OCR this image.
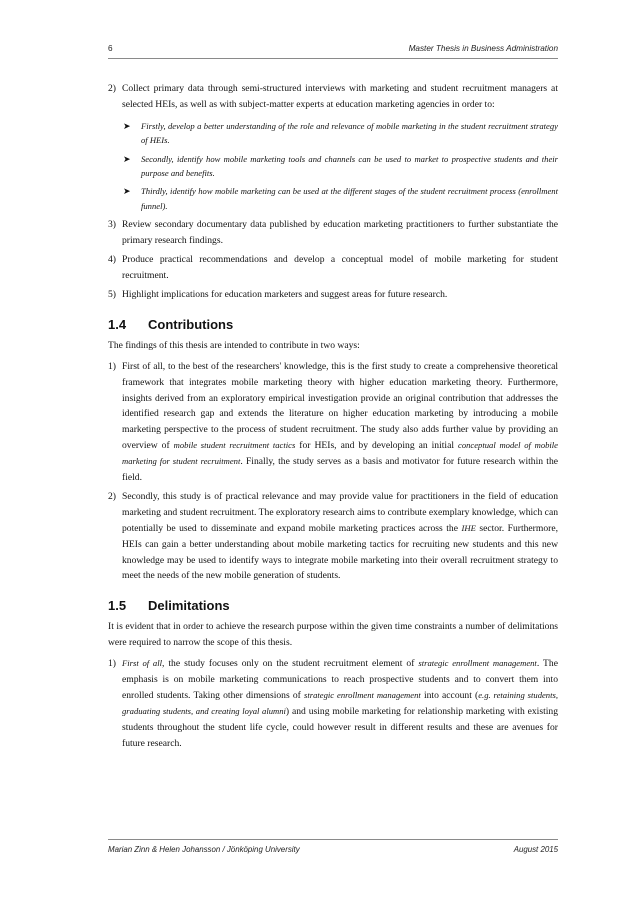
6	Master Thesis in Business Administration
2) Collect primary data through semi-structured interviews with marketing and student recruitment managers at selected HEIs, as well as with subject-matter experts at education marketing agencies in order to:
➤ Firstly, develop a better understanding of the role and relevance of mobile marketing in the student recruitment strategy of HEIs.
➤ Secondly, identify how mobile marketing tools and channels can be used to market to prospective students and their purpose and benefits.
➤ Thirdly, identify how mobile marketing can be used at the different stages of the student recruitment process (enrollment funnel).
3) Review secondary documentary data published by education marketing practitioners to further substantiate the primary research findings.
4) Produce practical recommendations and develop a conceptual model of mobile marketing for student recruitment.
5) Highlight implications for education marketers and suggest areas for future research.
1.4 Contributions

The findings of this thesis are intended to contribute in two ways:

1) First of all, to the best of the researchers' knowledge, this is the first study to create a comprehensive theoretical framework that integrates mobile marketing theory with higher education marketing theory. Furthermore, insights derived from an exploratory empirical investigation provide an original contribution that addresses the identified research gap and extends the literature on higher education marketing by introducing a mobile marketing perspective to the process of student recruitment. The study also adds further value by providing an overview of mobile student recruitment tactics for HEIs, and by developing an initial conceptual model of mobile marketing for student recruitment. Finally, the study serves as a basis and motivator for future research within the field.
2) Secondly, this study is of practical relevance and may provide value for practitioners in the field of education marketing and student recruitment. The exploratory research aims to contribute exemplary knowledge, which can potentially be used to disseminate and expand mobile marketing practices across the IHE sector. Furthermore, HEIs can gain a better understanding about mobile marketing tactics for recruiting new students and this new knowledge may be used to identify ways to integrate mobile marketing into their overall recruitment strategy to meet the needs of the new mobile generation of students.
1.5 Delimitations

It is evident that in order to achieve the research purpose within the given time constraints a number of delimitations were required to narrow the scope of this thesis.

1) First of all, the study focuses only on the student recruitment element of strategic enrollment management. The emphasis is on mobile marketing communications to reach prospective students and to convert them into enrolled students. Taking other dimensions of strategic enrollment management into account (e.g. retaining students, graduating students, and creating loyal alumni) and using mobile marketing for relationship marketing with existing students throughout the student life cycle, could however result in different results and these are avenues for future research.
Marian Zinn & Helen Johansson / Jönköping University	August 2015
